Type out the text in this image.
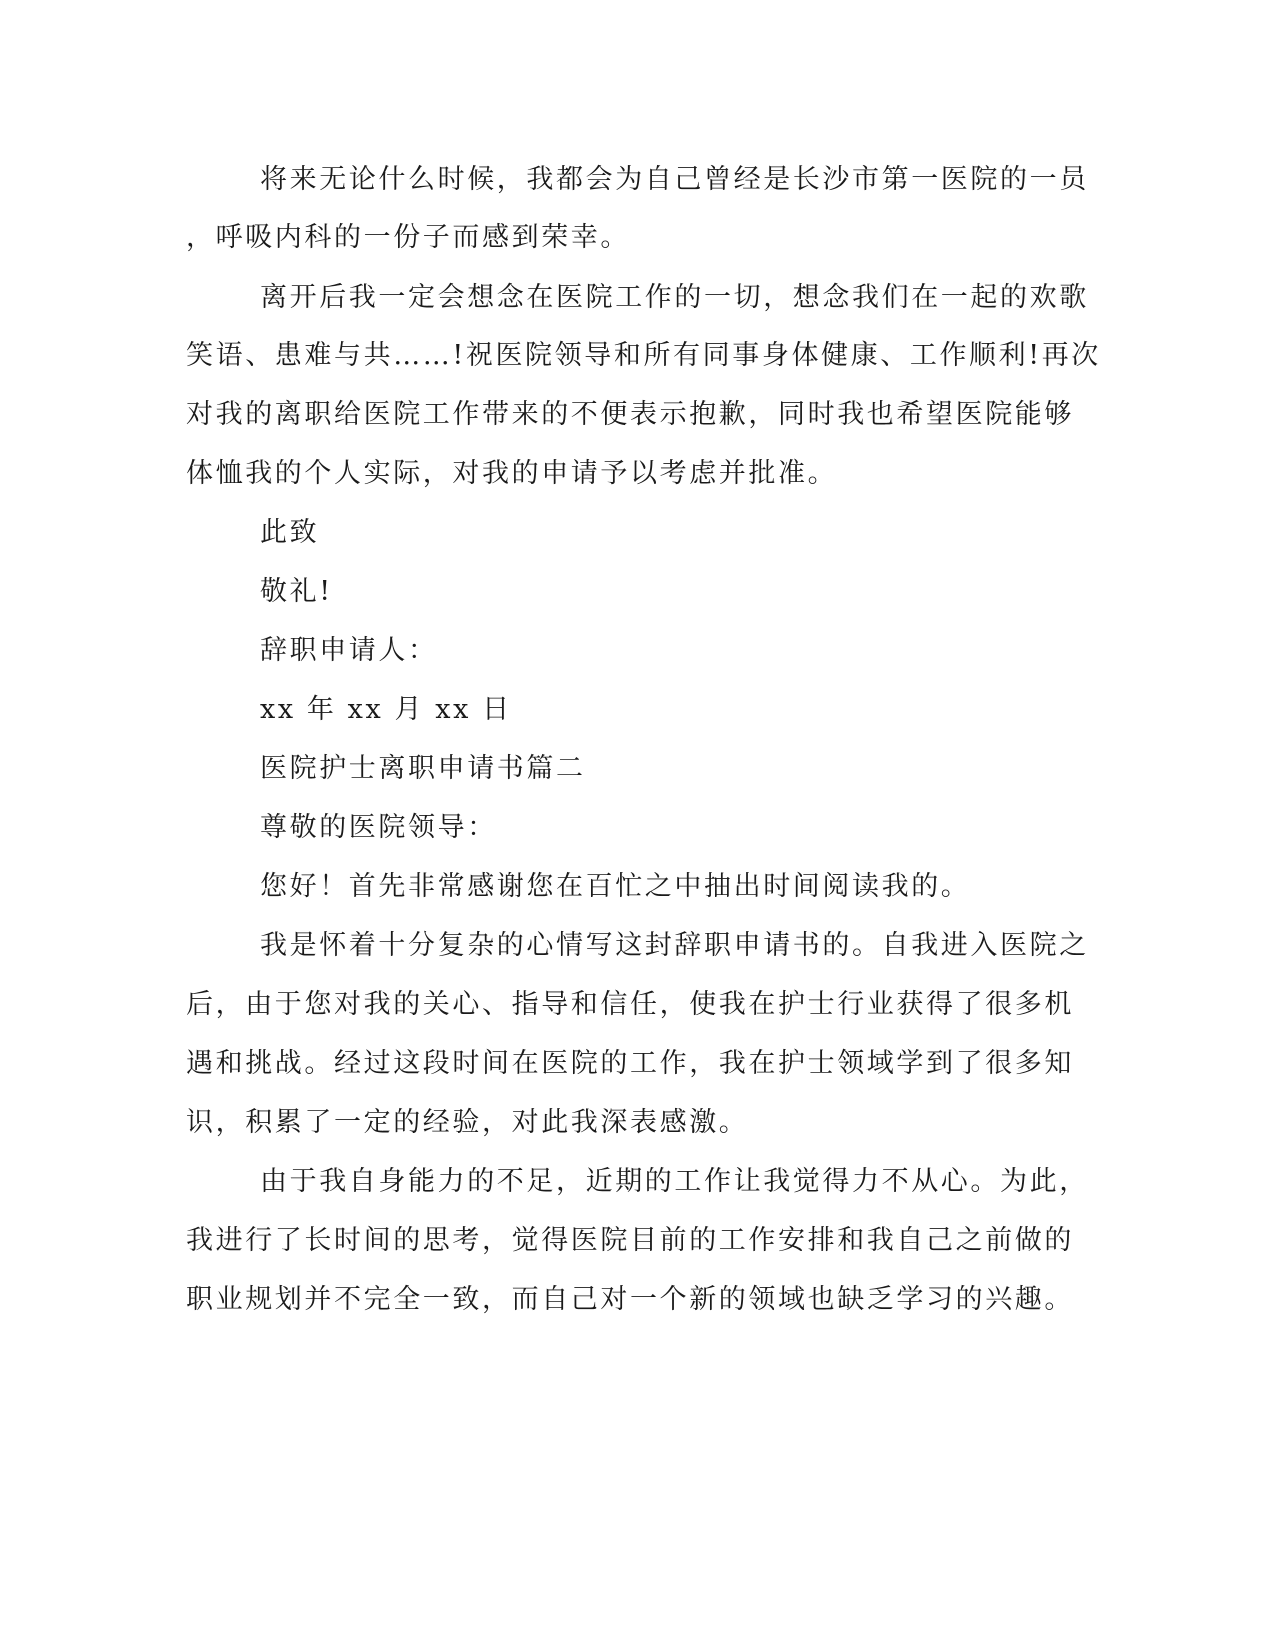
将来无论什么时候，我都会为自己曾经是长沙市第一医院的一员
，呼吸内科的一份子而感到荣幸。
离开后我一定会想念在医院工作的一切，想念我们在一起的欢歌
笑语、患难与共……!祝医院领导和所有同事身体健康、工作顺利!再次
对我的离职给医院工作带来的不便表示抱歉，同时我也希望医院能够
体恤我的个人实际，对我的申请予以考虑并批准。
此致
敬礼!
辞职申请人：
xx 年 xx 月 xx 日
医院护士离职申请书篇二
尊敬的医院领导：
您好！首先非常感谢您在百忙之中抽出时间阅读我的。
我是怀着十分复杂的心情写这封辞职申请书的。自我进入医院之
后，由于您对我的关心、指导和信任，使我在护士行业获得了很多机
遇和挑战。经过这段时间在医院的工作，我在护士领域学到了很多知
识，积累了一定的经验，对此我深表感激。
由于我自身能力的不足，近期的工作让我觉得力不从心。为此，
我进行了长时间的思考，觉得医院目前的工作安排和我自己之前做的
职业规划并不完全一致，而自己对一个新的领域也缺乏学习的兴趣。
